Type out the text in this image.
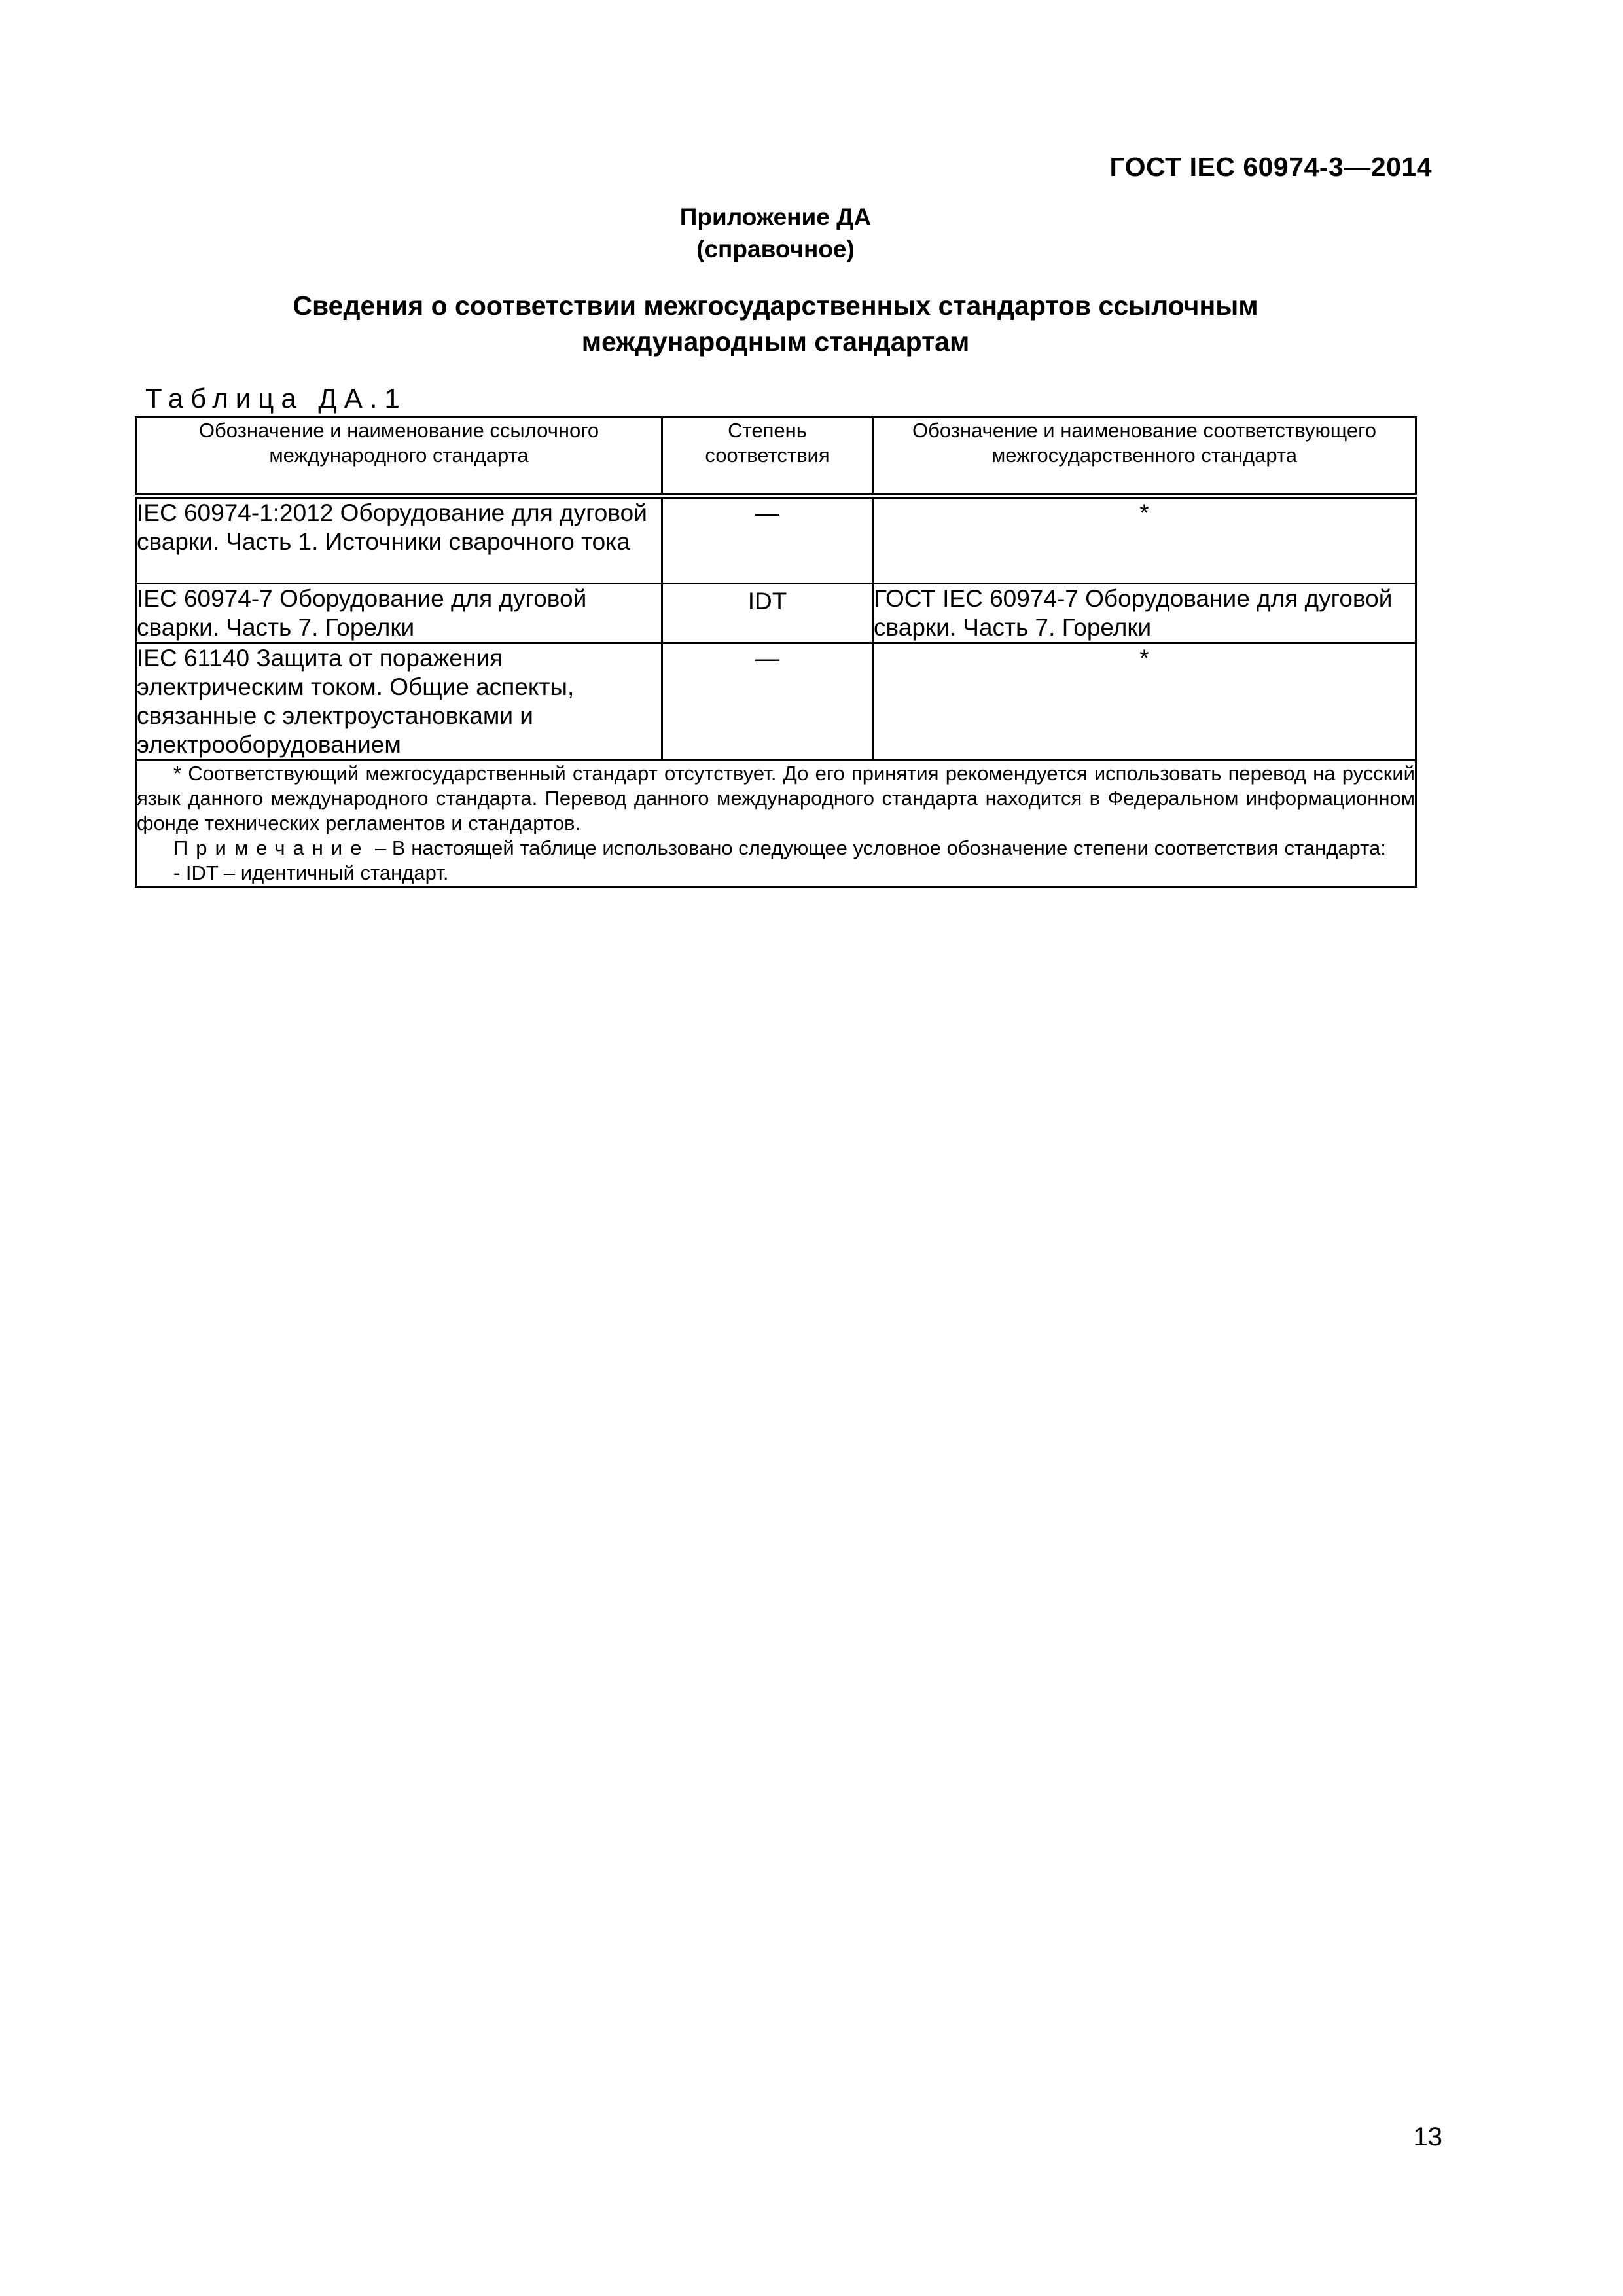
ГОСТ IEC 60974-3—2014
Приложение ДА
(справочное)
Сведения о соответствии межгосударственных стандартов ссылочным
международным стандартам
Таблица ДА.1
Обозначение и наименование ссылочного международного стандарта	Степень соответствия	Обозначение и наименование соответствующего межгосударственного стандарта
IEC 60974-1:2012 Оборудование для дуговой сварки. Часть 1. Источники сварочного тока	—	*
IEC 60974-7 Оборудование для дуговой сварки. Часть 7. Горелки	IDT	ГОСТ IEC 60974-7 Оборудование для дуговой сварки. Часть 7. Горелки
IEC 61140 Защита от поражения электрическим током. Общие аспекты, связанные с электроустановками и электрооборудованием	—	*

* Соответствующий межгосударственный стандарт отсутствует. До его принятия рекомендуется использовать перевод на русский язык данного международного стандарта. Перевод данного международного стандарта находится в Федеральном информационном фонде технических регламентов и стандартов.
Примечание – В настоящей таблице использовано следующее условное обозначение степени соответствия стандарта:
- IDT – идентичный стандарт.		
13
